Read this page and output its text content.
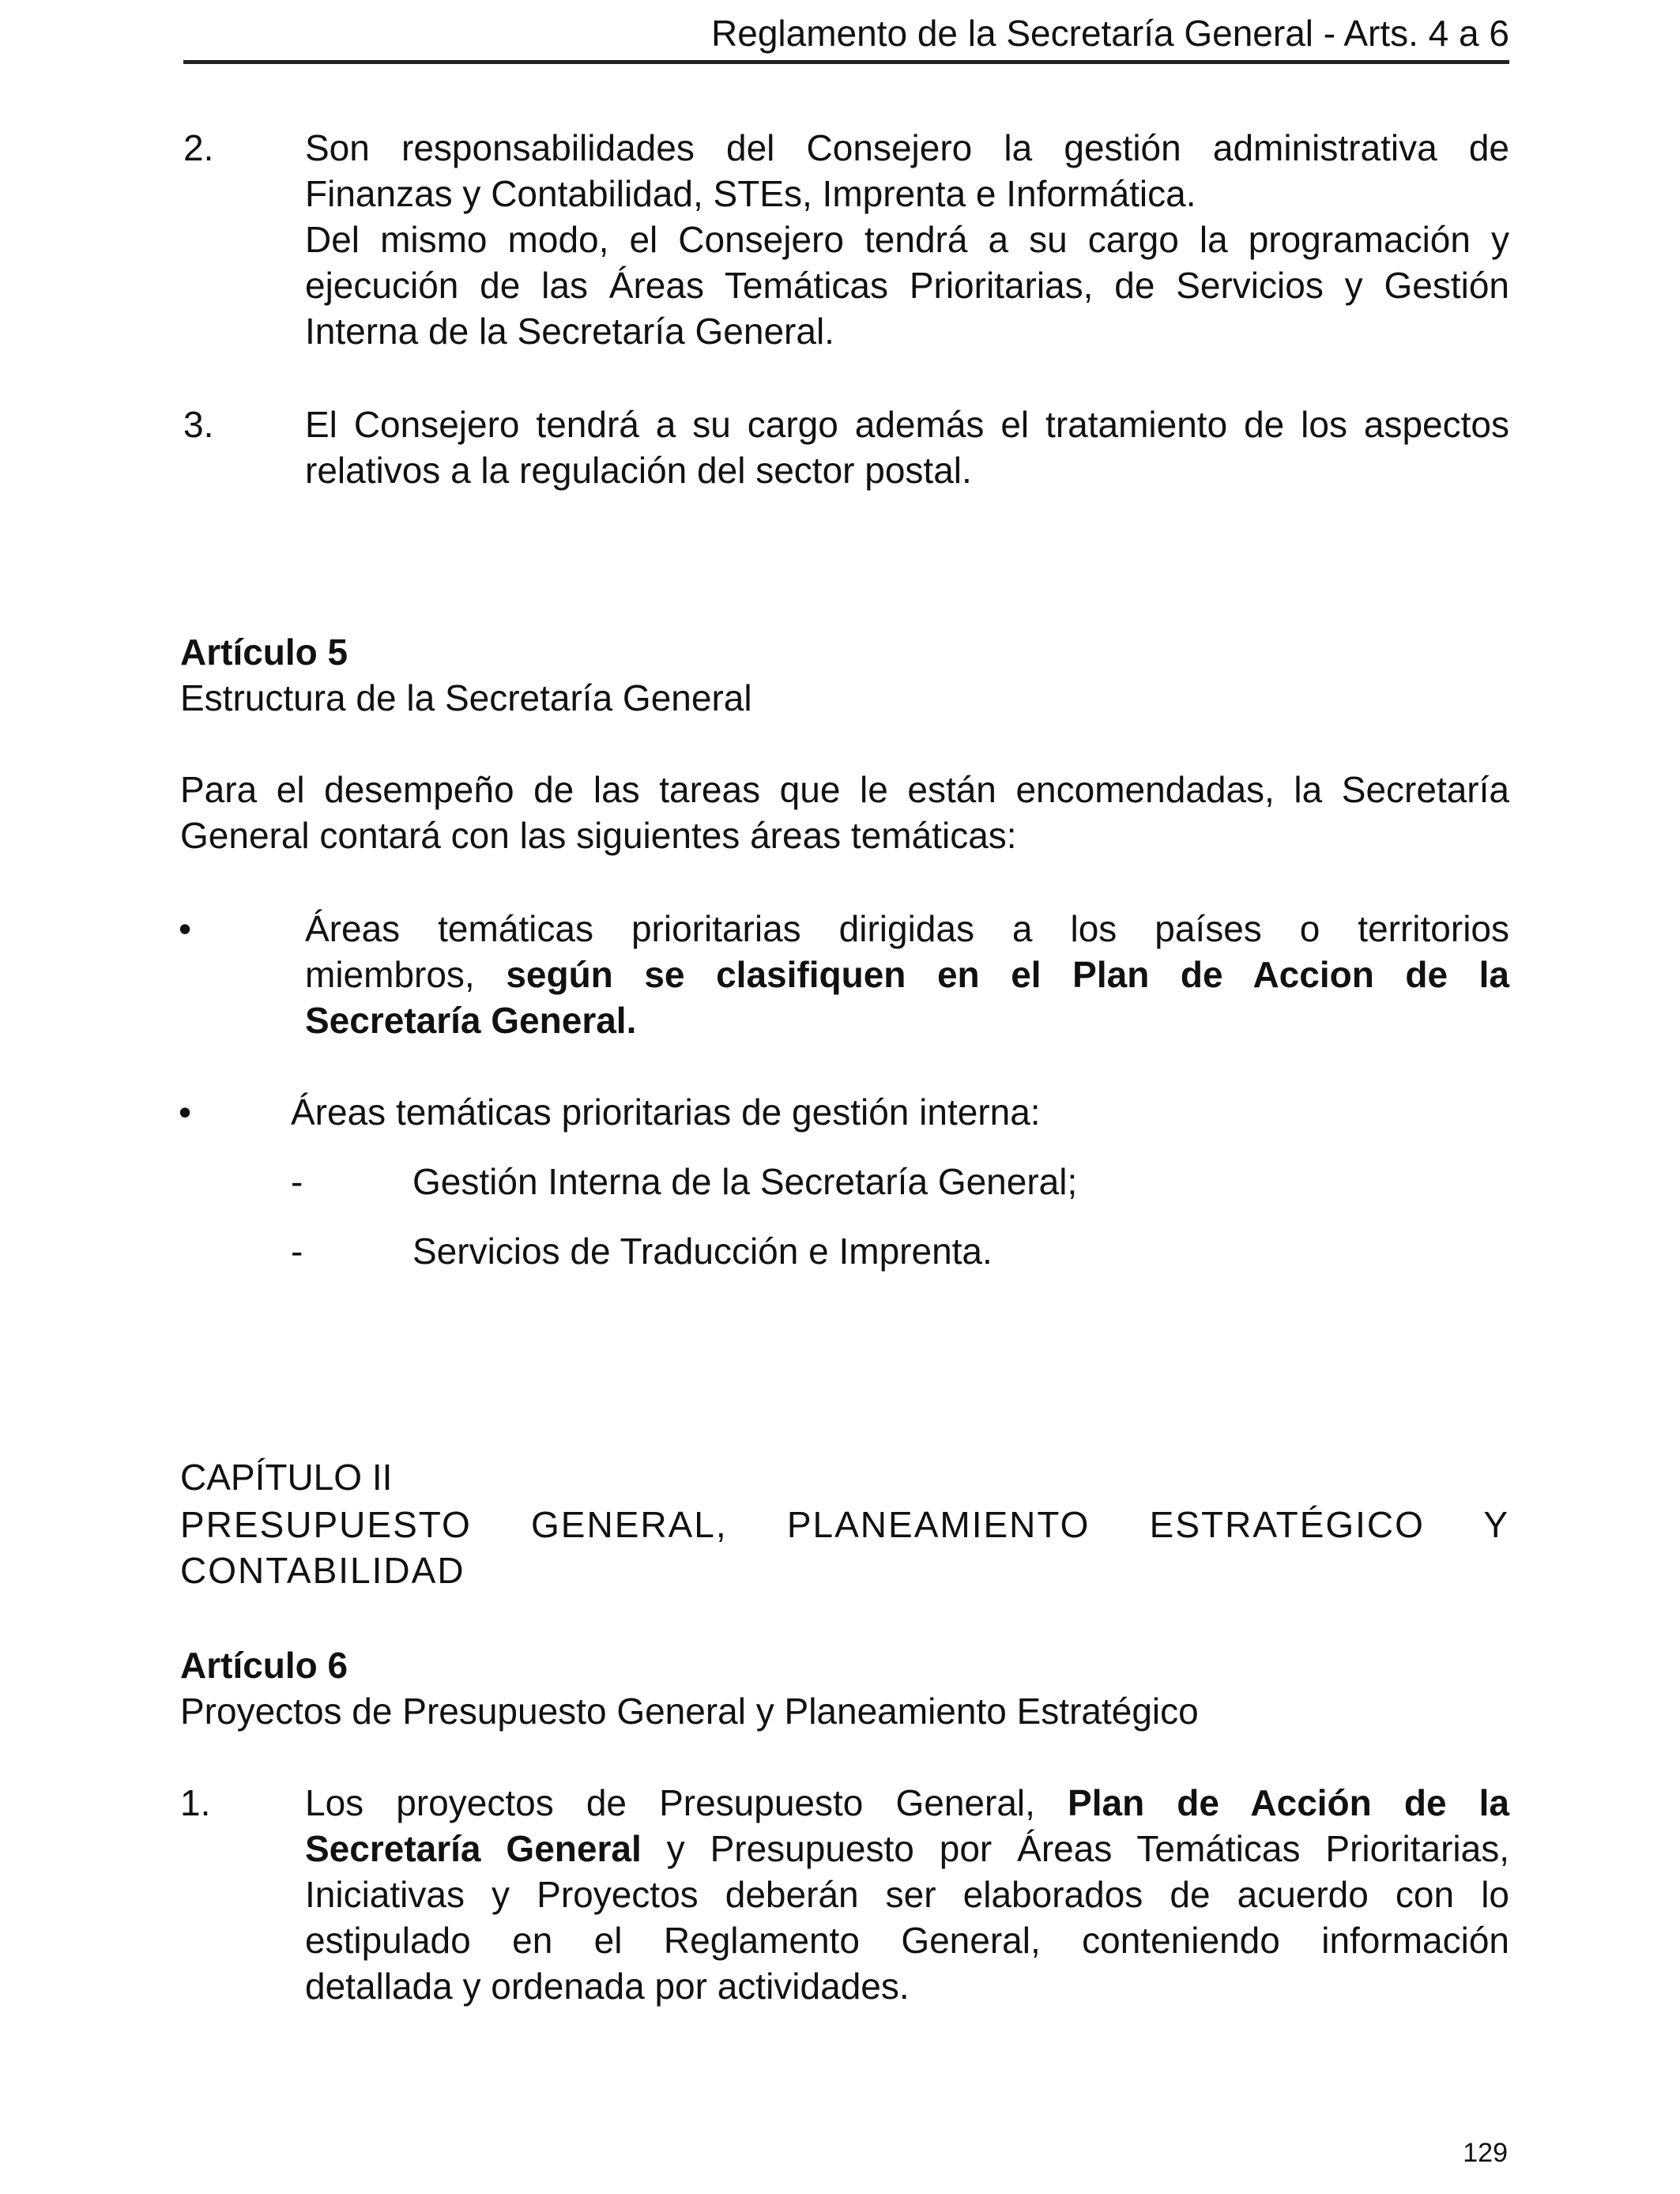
Reglamento de la Secretaría General - Arts. 4 a 6
2.	Son responsabilidades del Consejero la gestión administrativa de
Finanzas y Contabilidad, STEs, Imprenta e Informática.
Del mismo modo, el Consejero tendrá a su cargo la programación y
ejecución de las Áreas Temáticas Prioritarias, de Servicios y Gestión
Interna de la Secretaría General.
3.	El Consejero tendrá a su cargo además el tratamiento de los aspectos
relativos a la regulación del sector postal.
Artículo 5
Estructura de la Secretaría General
Para el desempeño de las tareas que le están encomendadas, la Secretaría
General contará con las siguientes áreas temáticas:
•	Áreas temáticas prioritarias dirigidas a los países o territorios
miembros, según se clasifiquen en el Plan de Accion de la
Secretaría General.
•	Áreas temáticas prioritarias de gestión interna:
-	Gestión Interna de la Secretaría General;
-	Servicios de Traducción e Imprenta.
CAPÍTULO II
PRESUPUESTO GENERAL, PLANEAMIENTO ESTRATÉGICO Y
CONTABILIDAD
Artículo 6
Proyectos de Presupuesto General y Planeamiento Estratégico
1.	Los proyectos de Presupuesto General, Plan de Acción de la
Secretaría General y Presupuesto por Áreas Temáticas Prioritarias,
Iniciativas y Proyectos deberán ser elaborados de acuerdo con lo
estipulado en el Reglamento General, conteniendo información
detallada y ordenada por actividades.
129
